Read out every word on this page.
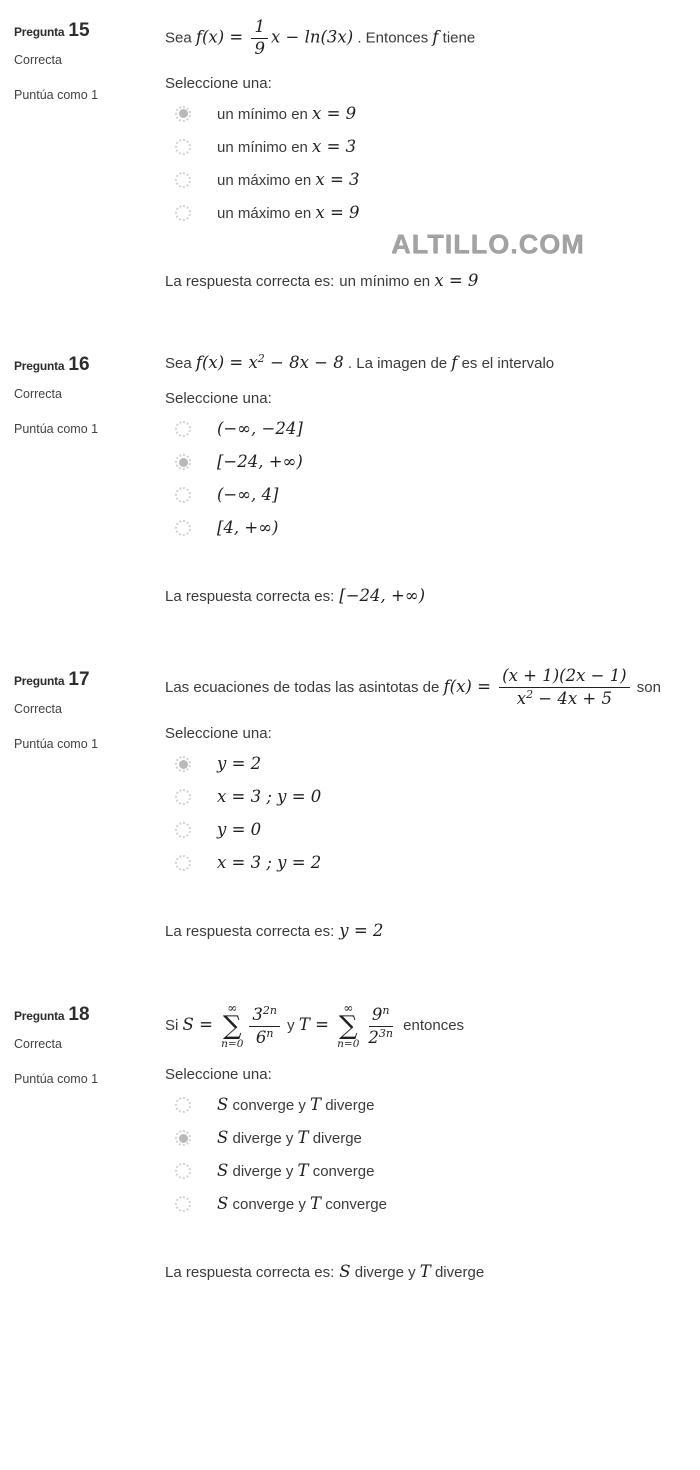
ALTILLO.COM
Pregunta 15
Correcta
Puntúa como 1
Sea $f(x) = \frac{1}{9}$ x − ln(3x) . Entonces f tiene
Seleccione una:
un mínimo en x = 9
un mínimo en x = 3
un máximo en x = 3
un máximo en x = 9
La respuesta correcta es: un mínimo en x = 9
Pregunta 16
Correcta
Puntúa como 1
Sea $f(x) = x^2 - 8x - 8$ . La imagen de f es el intervalo
Seleccione una:
(−∞, −24]
[−24, +∞)
(−∞, 4]
[4, +∞)
La respuesta correcta es: [−24, +∞)
Pregunta 17
Correcta
Puntúa como 1
Las ecuaciones de todas las asintotas de $f(x) = \frac{(x + 1)(2x - 1)}{x^2 - 4x + 5}$ son
Seleccione una:
y = 2
x = 3 ; y = 0
y = 0
x = 3 ; y = 2
La respuesta correcta es: y = 2
Pregunta 18
Correcta
Puntúa como 1
Si S =
∞
∑
$n=0 \frac{3^{2n}}{6^n}$ y T =
∞
∑
$n=0 \frac{9^n}{2^{3n}}$ entonces
Seleccione una:
S converge y T diverge
S diverge y T diverge
S diverge y T converge
S converge y T converge
La respuesta correcta es: S diverge y T diverge
